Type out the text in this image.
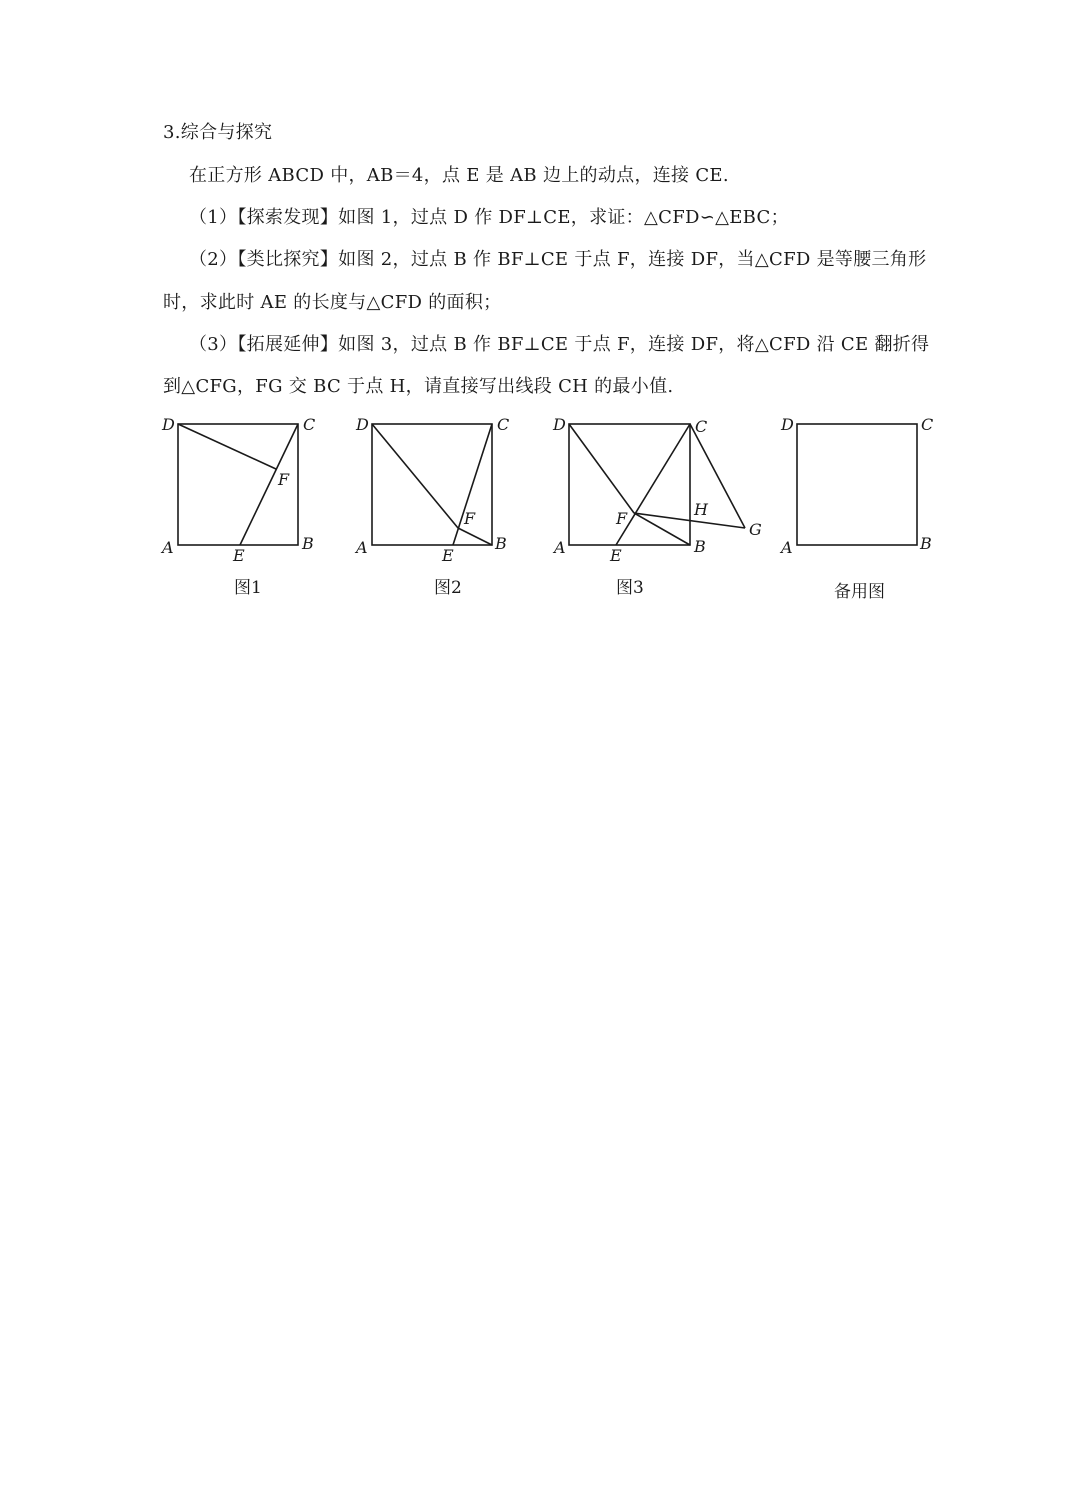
3.综合与探究
在正方形 ABCD 中，AB＝4，点 E 是 AB 边上的动点，连接 CE.
（1）【探索发现】如图 1，过点 D 作 DF⊥CE，求证：△CFD∽△EBC；
（2）【类比探究】如图 2，过点 B 作 BF⊥CE 于点 F，连接 DF，当△CFD 是等腰三角形
时，求此时 AE 的长度与△CFD 的面积；
（3）【拓展延伸】如图 3，过点 B 作 BF⊥CE 于点 F，连接 DF，将△CFD 沿 CE 翻折得
到△CFG，FG 交 BC 于点 H，请直接写出线段 CH 的最小值.
D	C
F
A	E
B
图1
D	C
F
A	E
B
图2
D	C
F	H
G
A	E	B
图3
D	C
A	B
备用图
